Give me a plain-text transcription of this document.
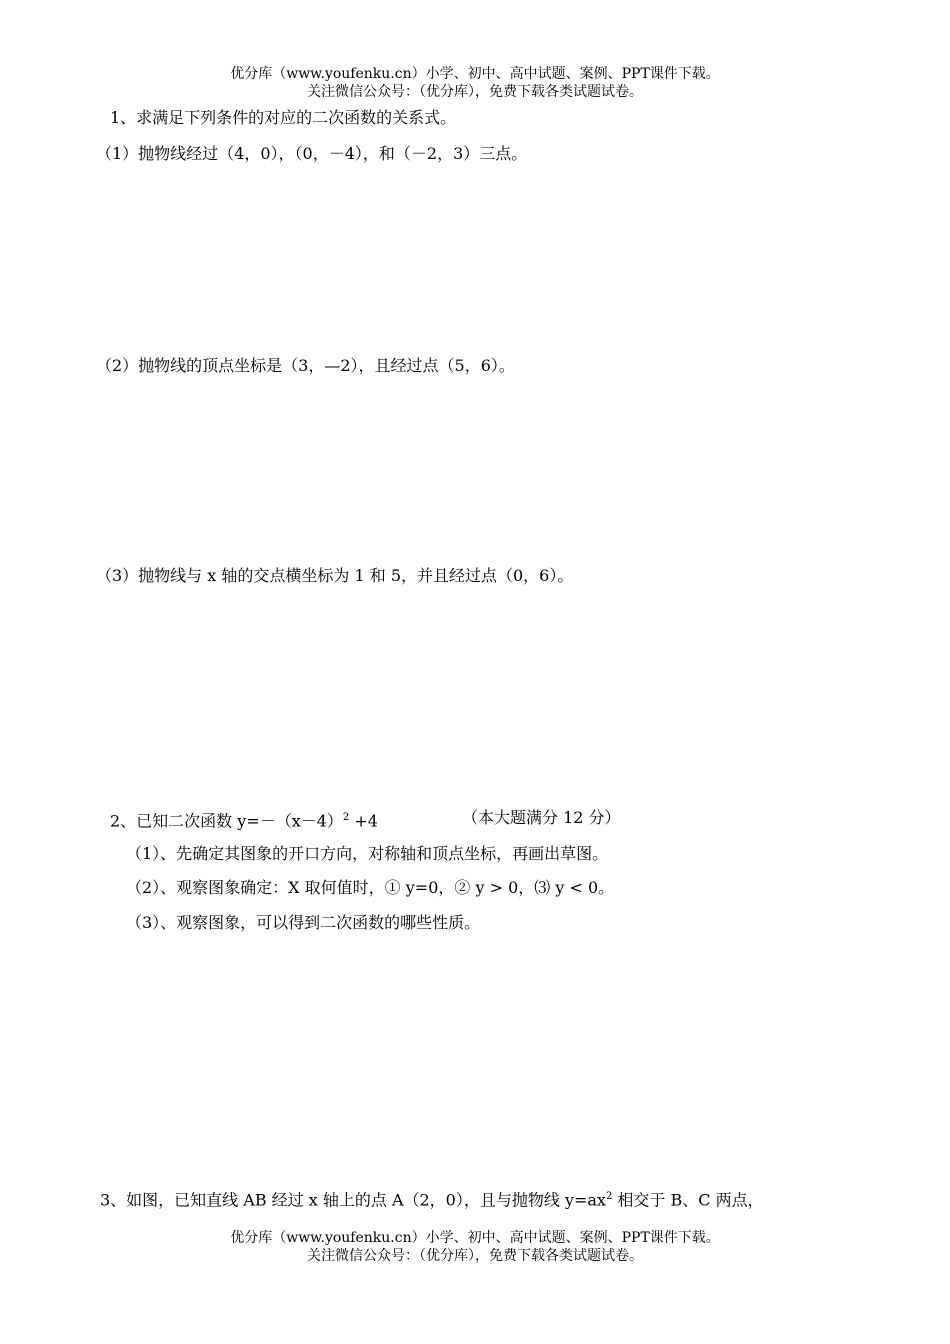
优分库（www.youfenku.cn）小学、初中、高中试题、案例、PPT课件下载。
关注微信公众号：（优分库），免费下载各类试题试卷。
1、求满足下列条件的对应的二次函数的关系式。
（1）抛物线经过（4，0），（0，－4），和（－2，3）三点。
（2）抛物线的顶点坐标是（3，—2），且经过点（5，6）。
（3）抛物线与 x 轴的交点横坐标为 1 和 5，并且经过点（0，6）。
2、已知二次函数 $y=-(x-4)^2 +4$	（本大题满分 12 分）
（1）、先确定其图象的开口方向，对称轴和顶点坐标，再画出草图。
（2）、观察图象确定：X 取何值时，① y=0，② y > 0，⑶ y < 0。
（3）、观察图象，可以得到二次函数的哪些性质。
3、如图，已知直线 AB 经过 x 轴上的点 A（2，0），且与抛物线 $y=ax^2$ 相交于 B、C 两点，
优分库（www.youfenku.cn）小学、初中、高中试题、案例、PPT课件下载。
关注微信公众号：（优分库），免费下载各类试题试卷。
